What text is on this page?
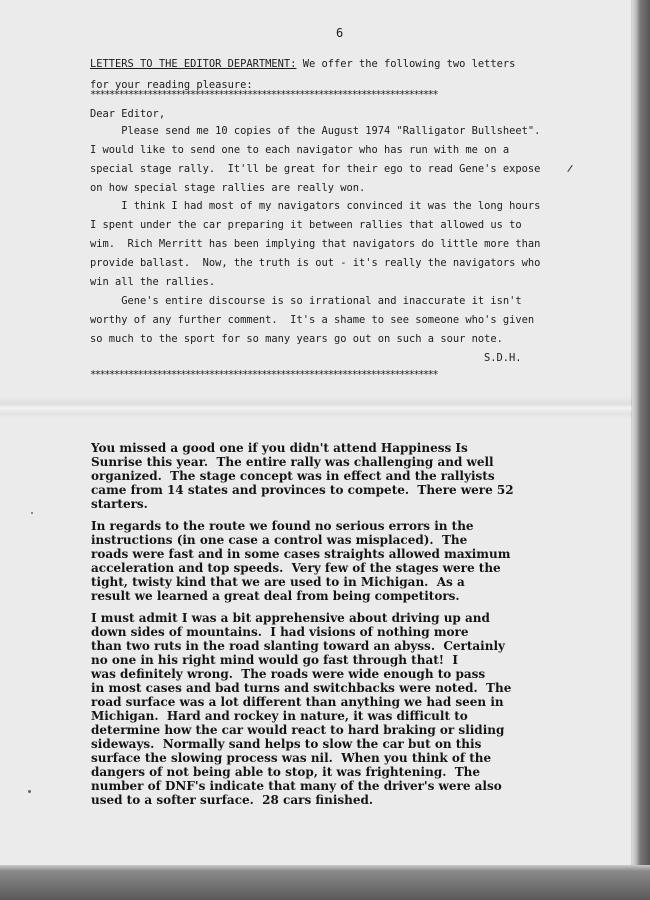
6
LETTERS TO THE EDITOR DEPARTMENT: We offer the following two letters
for your reading pleasure:
*************************************************************************
Dear Editor,
Please send me 10 copies of the August 1974 "Ralligator Bullsheet".
I would like to send one to each navigator who has run with me on a
special stage rally.  It'll be great for their ego to read Gene's expose
on how special stage rallies are really won.
I think I had most of my navigators convinced it was the long hours
I spent under the car preparing it between rallies that allowed us to
wim.  Rich Merritt has been implying that navigators do little more than
provide ballast.  Now, the truth is out - it's really the navigators who
win all the rallies.
Gene's entire discourse is so irrational and inaccurate it isn't
worthy of any further comment.  It's a shame to see someone who's given
so much to the sport for so many years go out on such a sour note.
S.D.H.
*************************************************************************
You missed a good one if you didn't attend Happiness Is
Sunrise this year.  The entire rally was challenging and well
organized.  The stage concept was in effect and the rallyists
came from 14 states and provinces to compete.  There were 52
starters.
In regards to the route we found no serious errors in the
instructions (in one case a control was misplaced).  The
roads were fast and in some cases straights allowed maximum
acceleration and top speeds.  Very few of the stages were the
tight, twisty kind that we are used to in Michigan.  As a
result we learned a great deal from being competitors.
I must admit I was a bit apprehensive about driving up and
down sides of mountains.  I had visions of nothing more
than two ruts in the road slanting toward an abyss.  Certainly
no one in his right mind would go fast through that!  I
was definitely wrong.  The roads were wide enough to pass
in most cases and bad turns and switchbacks were noted.  The
road surface was a lot different than anything we had seen in
Michigan.  Hard and rockey in nature, it was difficult to
determine how the car would react to hard braking or sliding
sideways.  Normally sand helps to slow the car but on this
surface the slowing process was nil.  When you think of the
dangers of not being able to stop, it was frightening.  The
number of DNF's indicate that many of the driver's were also
used to a softer surface.  28 cars finished.
